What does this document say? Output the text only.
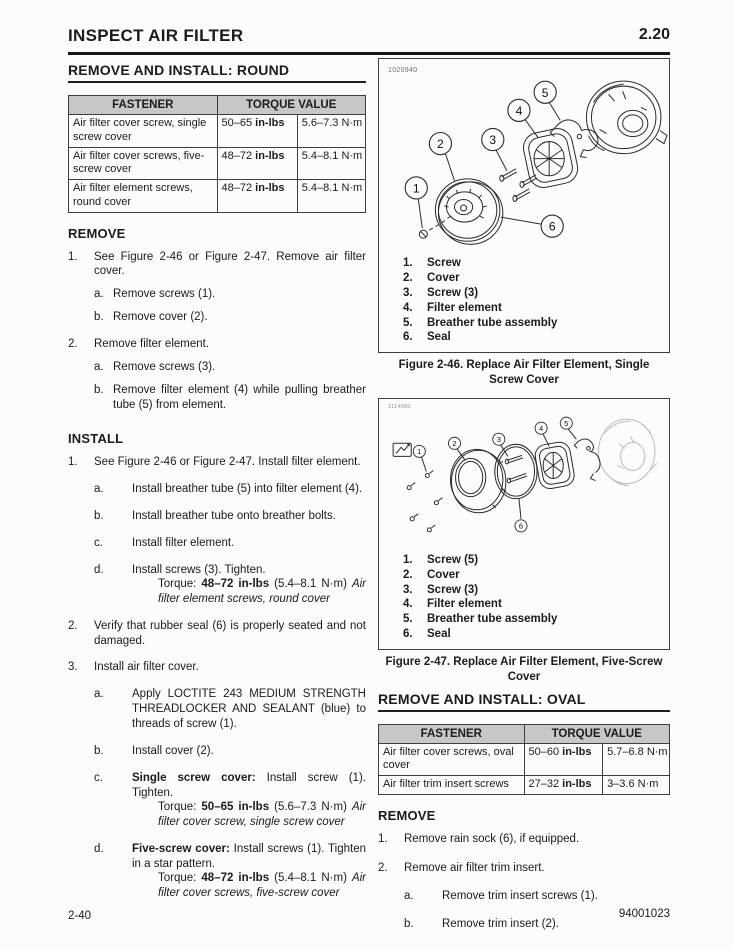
INSPECT AIR FILTER	2.20
REMOVE AND INSTALL: ROUND
FASTENER	TORQUE VALUE	
Air filter cover screw, single screw cover	50–65 in-lbs	5.6–7.3 N·m
Air filter cover screws, five-screw cover	48–72 in-lbs	5.4–8.1 N·m
Air filter element screws, round cover	48–72 in-lbs	5.4–8.1 N·m
REMOVE
1.	See Figure 2-46 or Figure 2-47. Remove air filter cover.
a. Remove screws (1).
b. Remove cover (2).
2.	Remove filter element.
a. Remove screws (3).
b. Remove filter element (4) while pulling breather tube (5) from element.
INSTALL
1.	See Figure 2-46 or Figure 2-47. Install filter element.
a.	Install breather tube (5) into filter element (4).
b.	Install breather tube onto breather bolts.
c.	Install filter element.
d.	Install screws (3). Tighten.
Torque: 48–72 in-lbs (5.4–8.1 N·m) Air filter element screws, round cover
2.	Verify that rubber seal (6) is properly seated and not damaged.
3.	Install air filter cover.
a.	Apply LOCTITE 243 MEDIUM STRENGTH THREADLOCKER AND SEALANT (blue) to threads of screw (1).
b.	Install cover (2).
c.	Single screw cover: Install screw (1). Tighten.
Torque: 50–65 in-lbs (5.6–7.3 N·m) Air filter cover screw, single screw cover
d.	Five-screw cover: Install screws (1). Tighten in a star pattern.
Torque: 48–72 in-lbs (5.4–8.1 N·m) Air filter cover screws, five-screw cover
1020940
1
2	3
4
5
6
1.	Screw
2.	Cover
3.	Screw (3)
4.	Filter element
5.	Breather tube assembly
6.	Seal
Figure 2-46. Replace Air Filter Element, Single Screw Cover
1114080
1
2	3
4
5
6
1.	Screw (5)
2.	Cover
3.	Screw (3)
4.	Filter element
5.	Breather tube assembly
6.	Seal
Figure 2-47. Replace Air Filter Element, Five-Screw Cover
REMOVE AND INSTALL: OVAL
FASTENER	TORQUE VALUE	
Air filter cover screws, oval cover	50–60 in-lbs	5.7–6.8 N·m
Air filter trim insert screws	27–32 in-lbs	3–3.6 N·m
REMOVE
1.	Remove rain sock (6), if equipped.
2.	Remove air filter trim insert.
a.	Remove trim insert screws (1).
b.	Remove trim insert (2).
2-40	94001023
